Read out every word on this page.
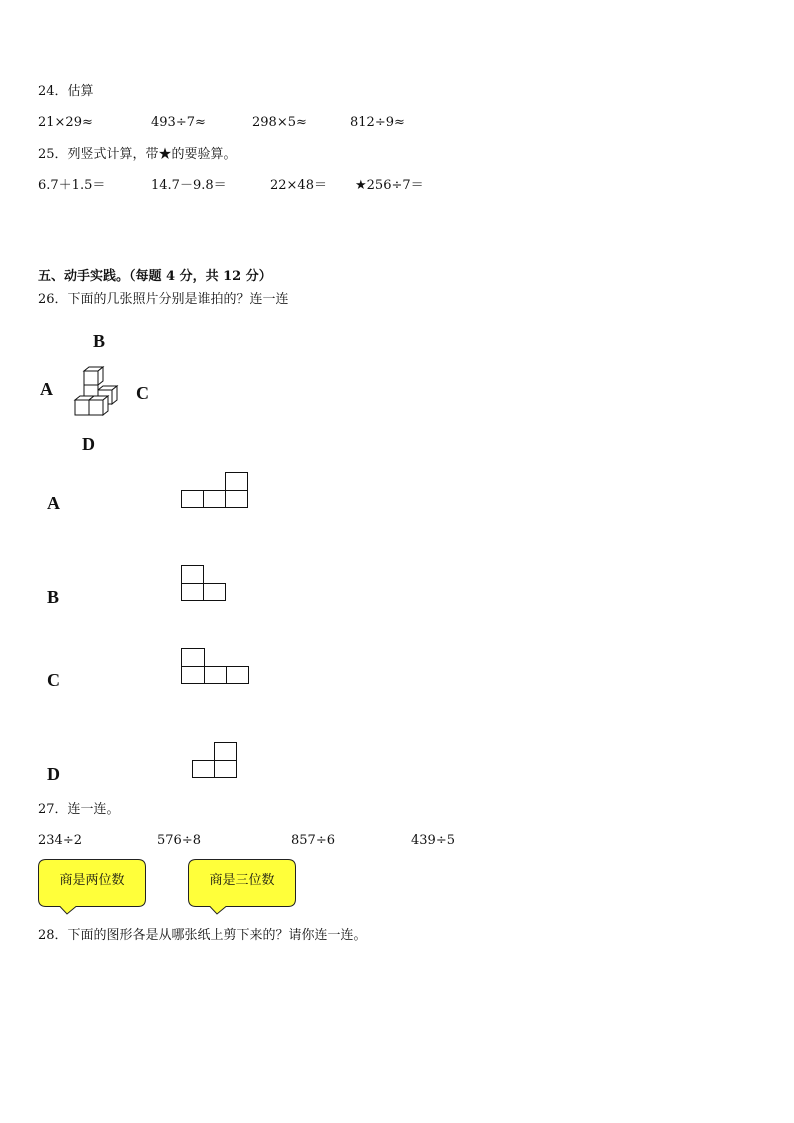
24．估算
21×29≈	493÷7≈	298×5≈	812÷9≈
25．列竖式计算，带★的要验算。
6.7＋1.5＝	14.7－9.8＝	22×48＝ ★256÷7＝
五、动手实践。（每题 4 分，共 12 分）
26．下面的几张照片分别是谁拍的？连一连
B
A	C
D
A
B
C
D
27．连一连。
234÷2	576÷8	857÷6	439÷5
商是两位数	商是三位数
28．下面的图形各是从哪张纸上剪下来的？请你连一连。
